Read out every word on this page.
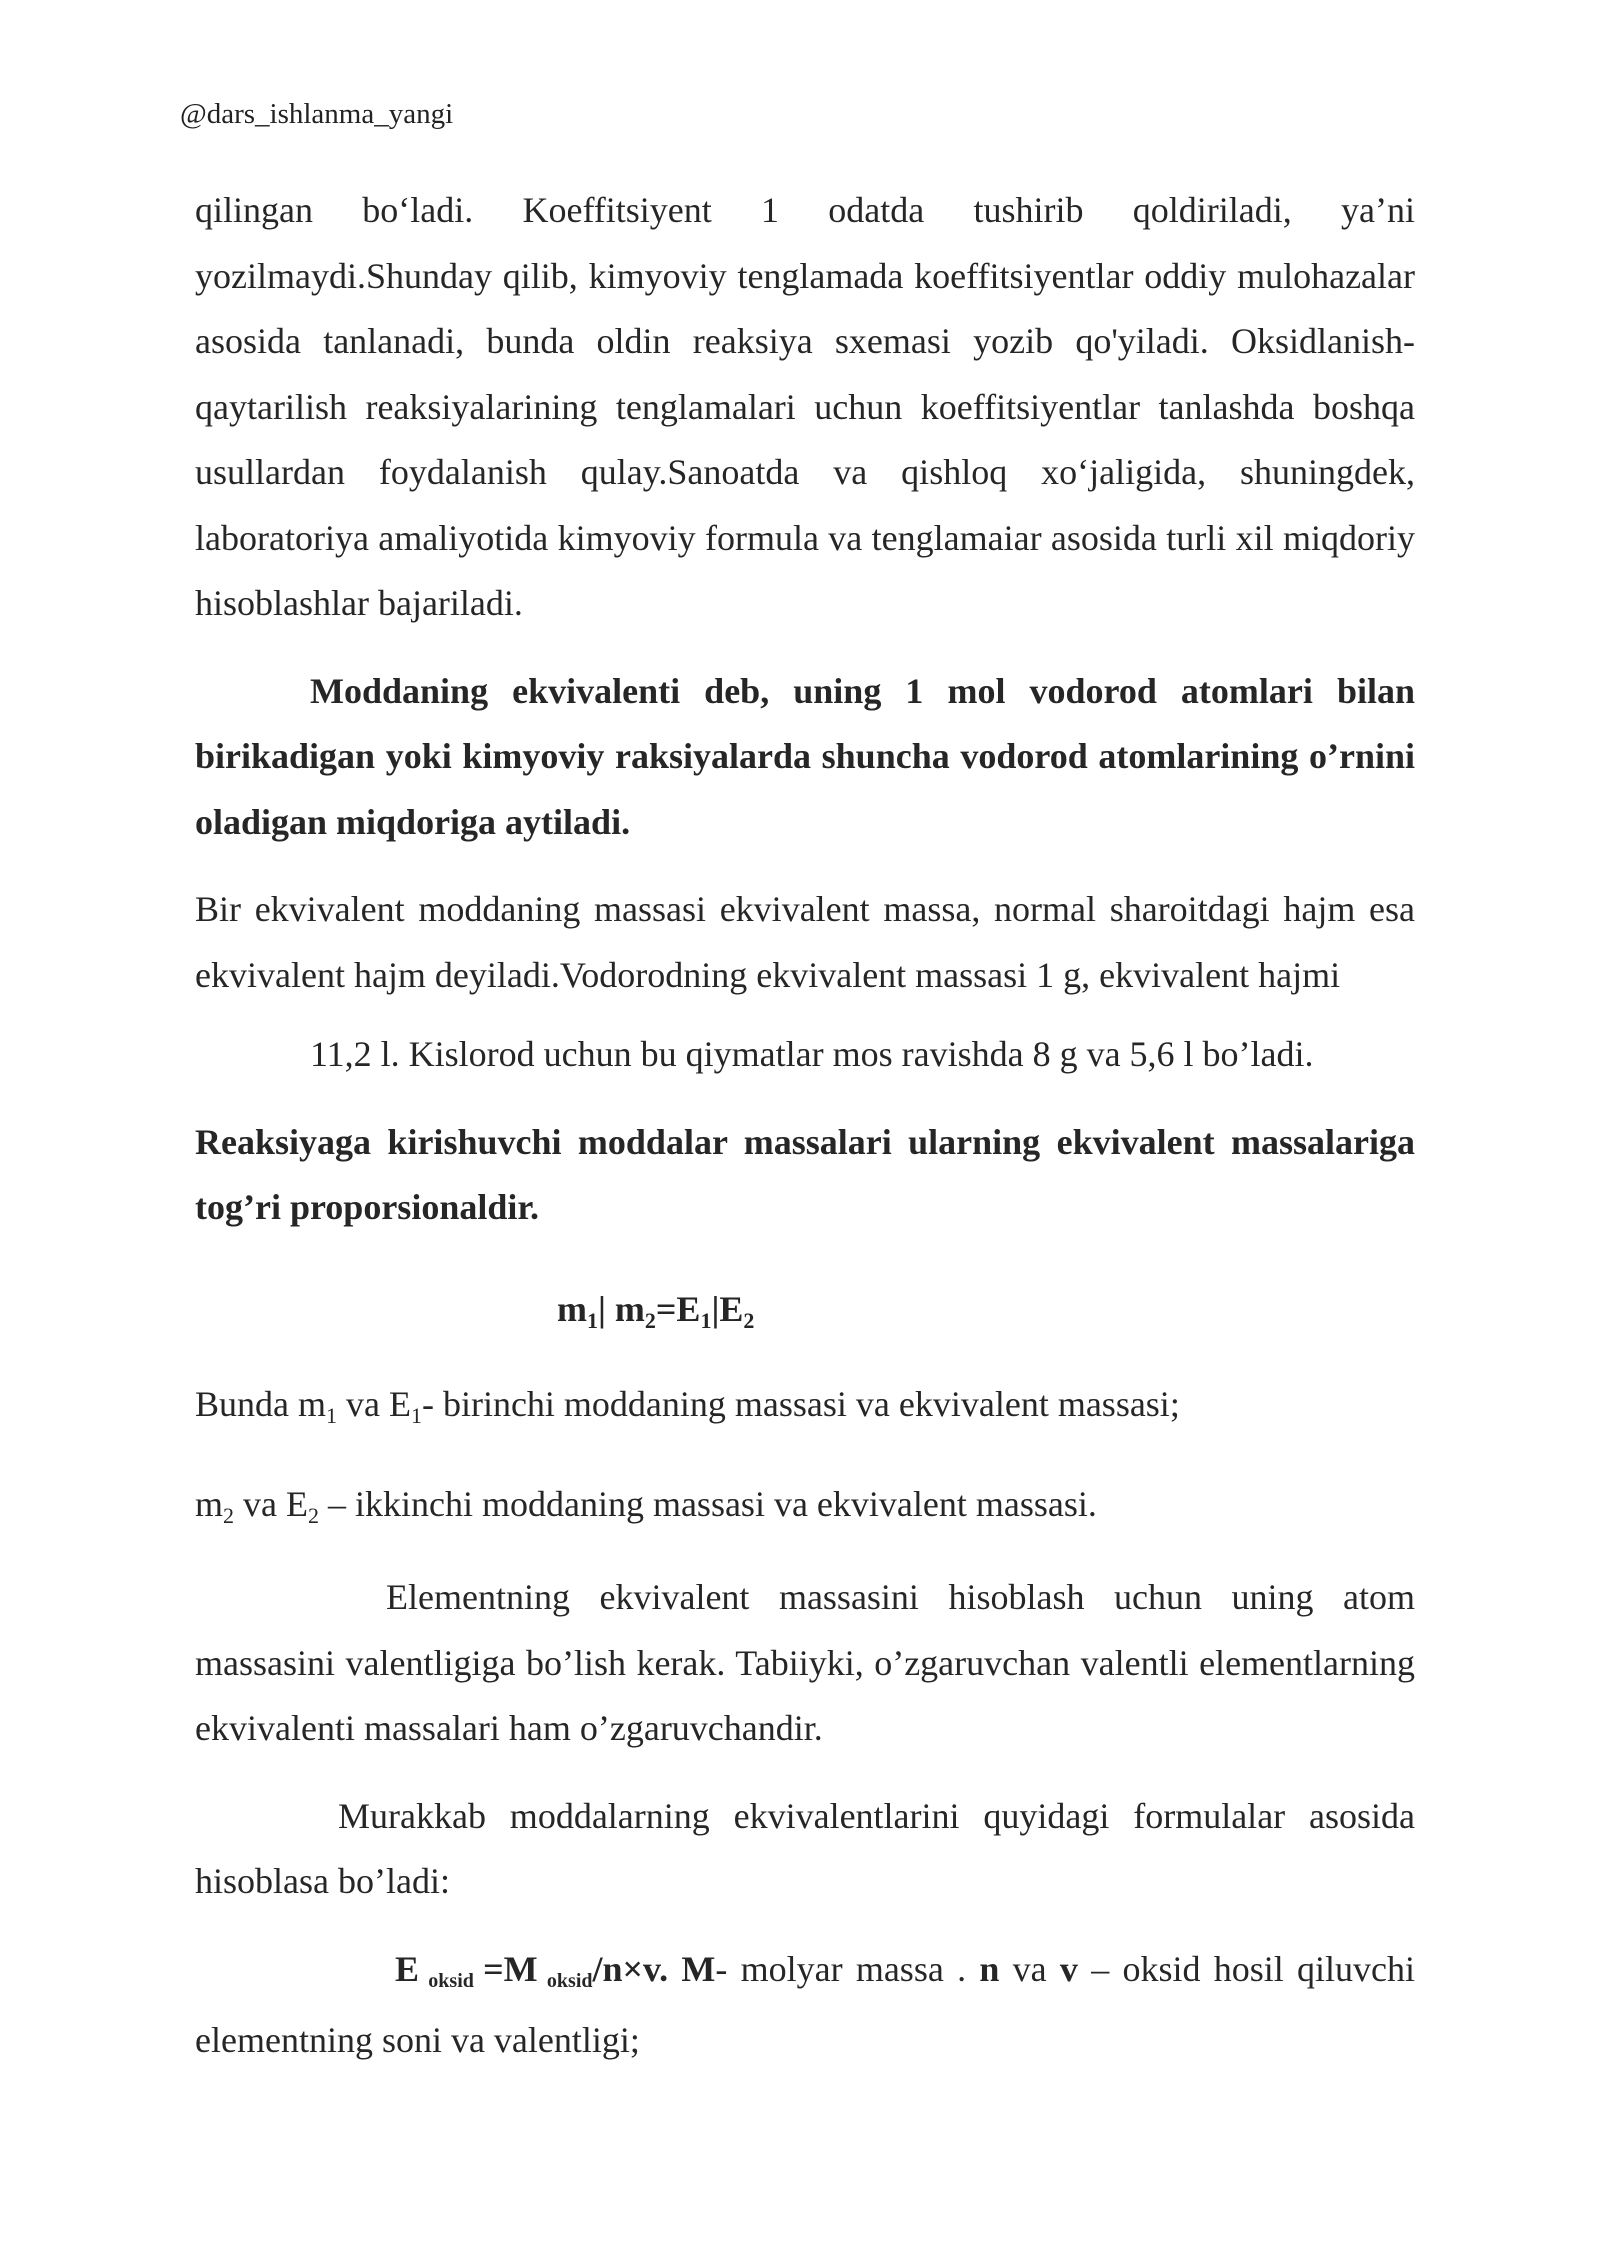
@dars_ishlanma_yangi

qilingan bo‘ladi. Koeffitsiyent 1 odatda tushirib qoldiriladi, ya’ni yozilmaydi.Shunday qilib, kimyoviy tenglamada koeffitsiyentlar oddiy mulohazalar asosida tanlanadi, bunda oldin reaksiya sxemasi yozib qo'yiladi. Oksidlanish-qaytarilish reaksiyalarining tenglamalari uchun koeffitsiyentlar tanlashda boshqa usullardan foydalanish qulay.Sanoatda va qishloq xo‘jaligida, shuningdek, laboratoriya amaliyotida kimyoviy formula va tenglamaiar asosida turli xil miqdoriy hisoblashlar bajariladi.

Moddaning ekvivalenti deb, uning 1 mol vodorod atomlari bilan birikadigan yoki kimyoviy raksiyalarda shuncha vodorod atomlarining o’rnini oladigan miqdoriga aytiladi.

Bir ekvivalent moddaning massasi ekvivalent massa, normal sharoitdagi hajm esa ekvivalent hajm deyiladi.Vodorodning ekvivalent massasi 1 g, ekvivalent hajmi

11,2 l. Kislorod uchun bu qiymatlar mos ravishda 8 g va 5,6 l bo’ladi.

Reaksiyaga kirishuvchi moddalar massalari ularning ekvivalent massalariga tog’ri proporsionaldir.

m1| m2=E1|E2

Bunda m1 va E1- birinchi moddaning massasi va ekvivalent massasi;

m2 va E2 – ikkinchi moddaning massasi va ekvivalent massasi.

Elementning ekvivalent massasini hisoblash uchun uning atom massasini valentligiga bo’lish kerak. Tabiiyki, o’zgaruvchan valentli elementlarning ekvivalenti massalari ham o’zgaruvchandir.

Murakkab moddalarning ekvivalentlarini quyidagi formulalar asosida hisoblasa bo’ladi:

E oksid =M oksid/n×v. M- molyar massa . n va v – oksid hosil qiluvchi elementning soni va valentligi;
